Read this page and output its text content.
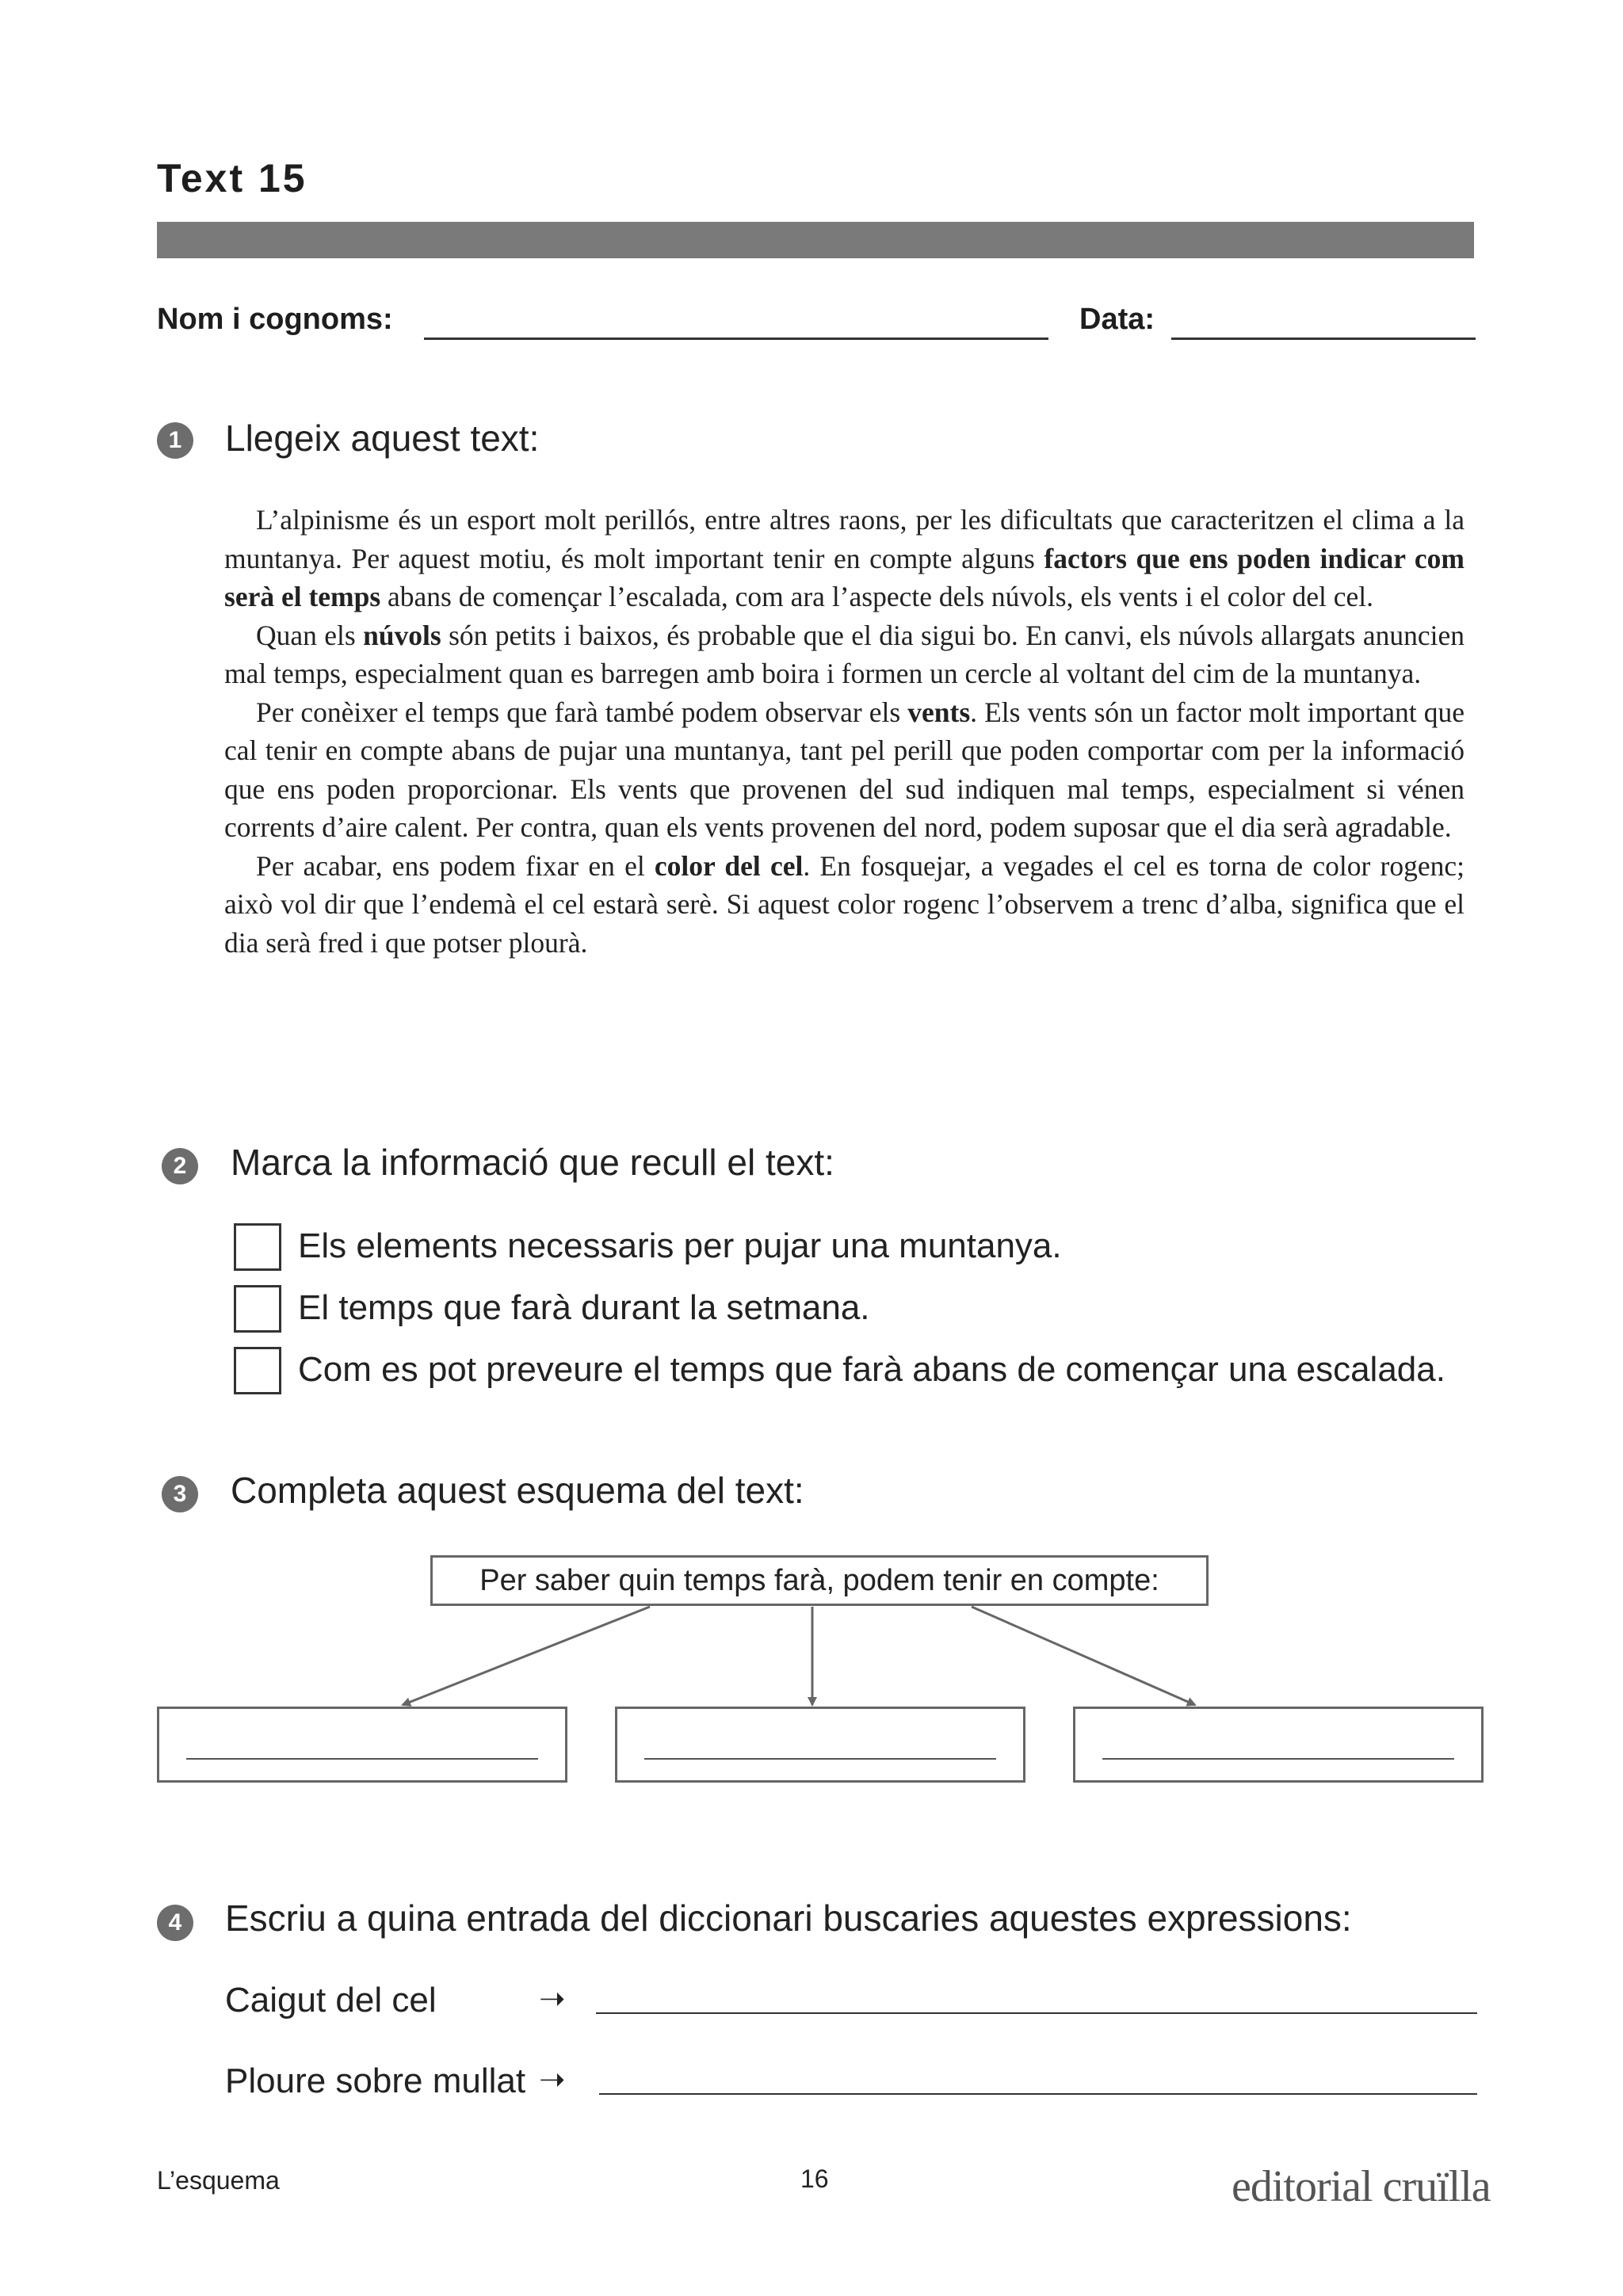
Text 15
Nom i cognoms:	Data:
1	Llegeix aquest text:

L’alpinisme és un esport molt perillós, entre altres raons, per les dificultats que caracteritzen el clima a la muntanya. Per aquest motiu, és molt important tenir en compte alguns factors que ens poden indicar com serà el temps abans de començar l’escalada, com ara l’aspecte dels núvols, els vents i el color del cel.

Quan els núvols són petits i baixos, és probable que el dia sigui bo. En canvi, els núvols allargats anuncien mal temps, especialment quan es barregen amb boira i formen un cercle al voltant del cim de la muntanya.

Per conèixer el temps que farà també podem observar els vents. Els vents són un factor molt important que cal tenir en compte abans de pujar una muntanya, tant pel perill que poden comportar com per la informació que ens poden proporcionar. Els vents que provenen del sud indiquen mal temps, especialment si vénen corrents d’aire calent. Per contra, quan els vents provenen del nord, podem suposar que el dia serà agradable.

Per acabar, ens podem fixar en el color del cel. En fosquejar, a vegades el cel es torna de color rogenc; això vol dir que l’endemà el cel estarà serè. Si aquest color rogenc l’observem a trenc d’alba, significa que el dia serà fred i que potser plourà.

2	Marca la informació que recull el text:
Els elements necessaris per pujar una muntanya.
El temps que farà durant la setmana.
Com es pot preveure el temps que farà abans de començar una escalada.
3	Completa aquest esquema del text:
Per saber quin temps farà, podem tenir en compte:
4	Escriu a quina entrada del diccionari buscaries aquestes expressions:
Caigut del cel	➝
Ploure sobre mullat ➝
L’esquema	16	editorial cruïlla
